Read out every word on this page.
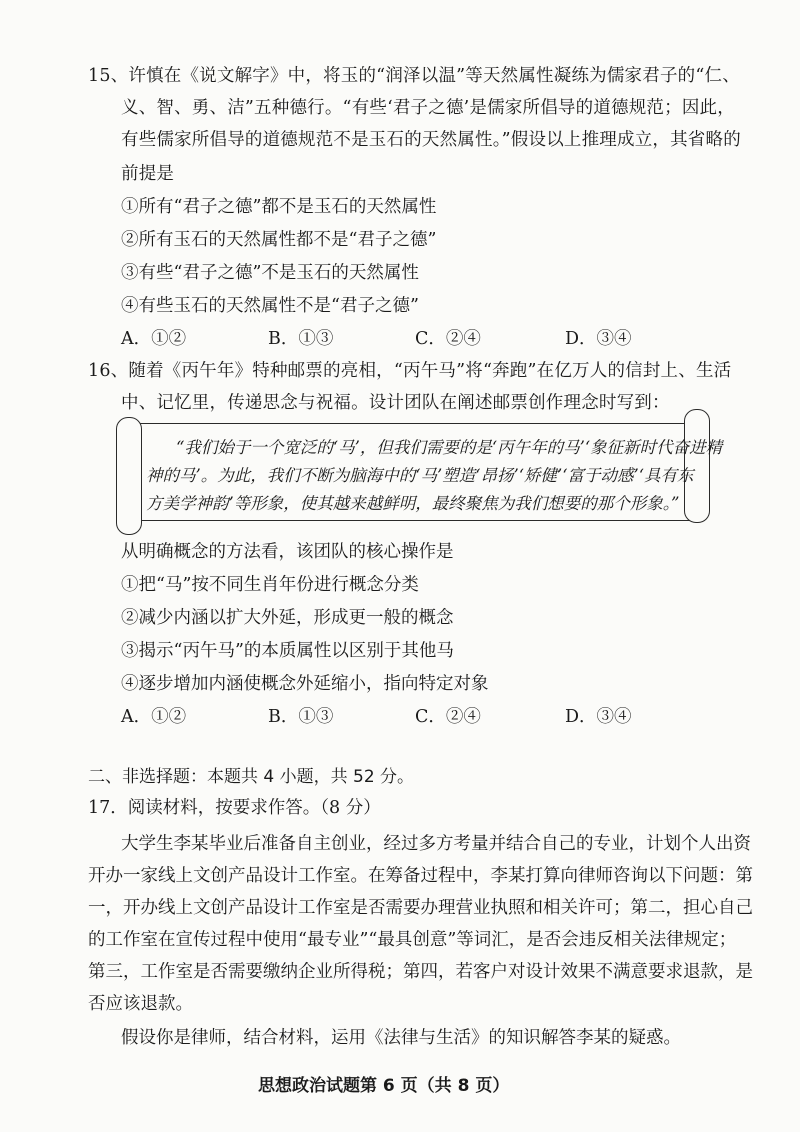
15、许慎在《说文解字》中，将玉的“润泽以温”等天然属性凝练为儒家君子的“仁、
义、智、勇、洁”五种德行。“有些‘君子之德’是儒家所倡导的道德规范；因此，
有些儒家所倡导的道德规范不是玉石的天然属性。”假设以上推理成立，其省略的
前提是
①所有“君子之德”都不是玉石的天然属性
②所有玉石的天然属性都不是“君子之德”
③有些“君子之德”不是玉石的天然属性
④有些玉石的天然属性不是“君子之德”
A．①②	B．①③	C．②④	D．③④
16、随着《丙午年》特种邮票的亮相，“丙午马”将“奔跑”在亿万人的信封上、生活
中、记忆里，传递思念与祝福。设计团队在阐述邮票创作理念时写到：
“我们始于一个宽泛的‘马’，但我们需要的是‘丙午年的马’‘象征新时代奋进精
神的马’。为此，我们不断为脑海中的‘马’塑造‘昂扬’‘矫健’‘富于动感’‘具有东
方美学神韵’等形象，使其越来越鲜明，最终聚焦为我们想要的那个形象。”
从明确概念的方法看，该团队的核心操作是
①把“马”按不同生肖年份进行概念分类
②减少内涵以扩大外延，形成更一般的概念
③揭示“丙午马”的本质属性以区别于其他马
④逐步增加内涵使概念外延缩小，指向特定对象
A．①②	B．①③	C．②④	D．③④
二、非选择题：本题共 4 小题，共 52 分。
17．阅读材料，按要求作答。（8 分）
大学生李某毕业后准备自主创业，经过多方考量并结合自己的专业，计划个人出资
开办一家线上文创产品设计工作室。在筹备过程中，李某打算向律师咨询以下问题：第
一，开办线上文创产品设计工作室是否需要办理营业执照和相关许可；第二，担心自己
的工作室在宣传过程中使用“最专业”“最具创意”等词汇，是否会违反相关法律规定；
第三，工作室是否需要缴纳企业所得税；第四，若客户对设计效果不满意要求退款，是
否应该退款。
假设你是律师，结合材料，运用《法律与生活》的知识解答李某的疑惑。
思想政治试题第 6 页（共 8 页）
